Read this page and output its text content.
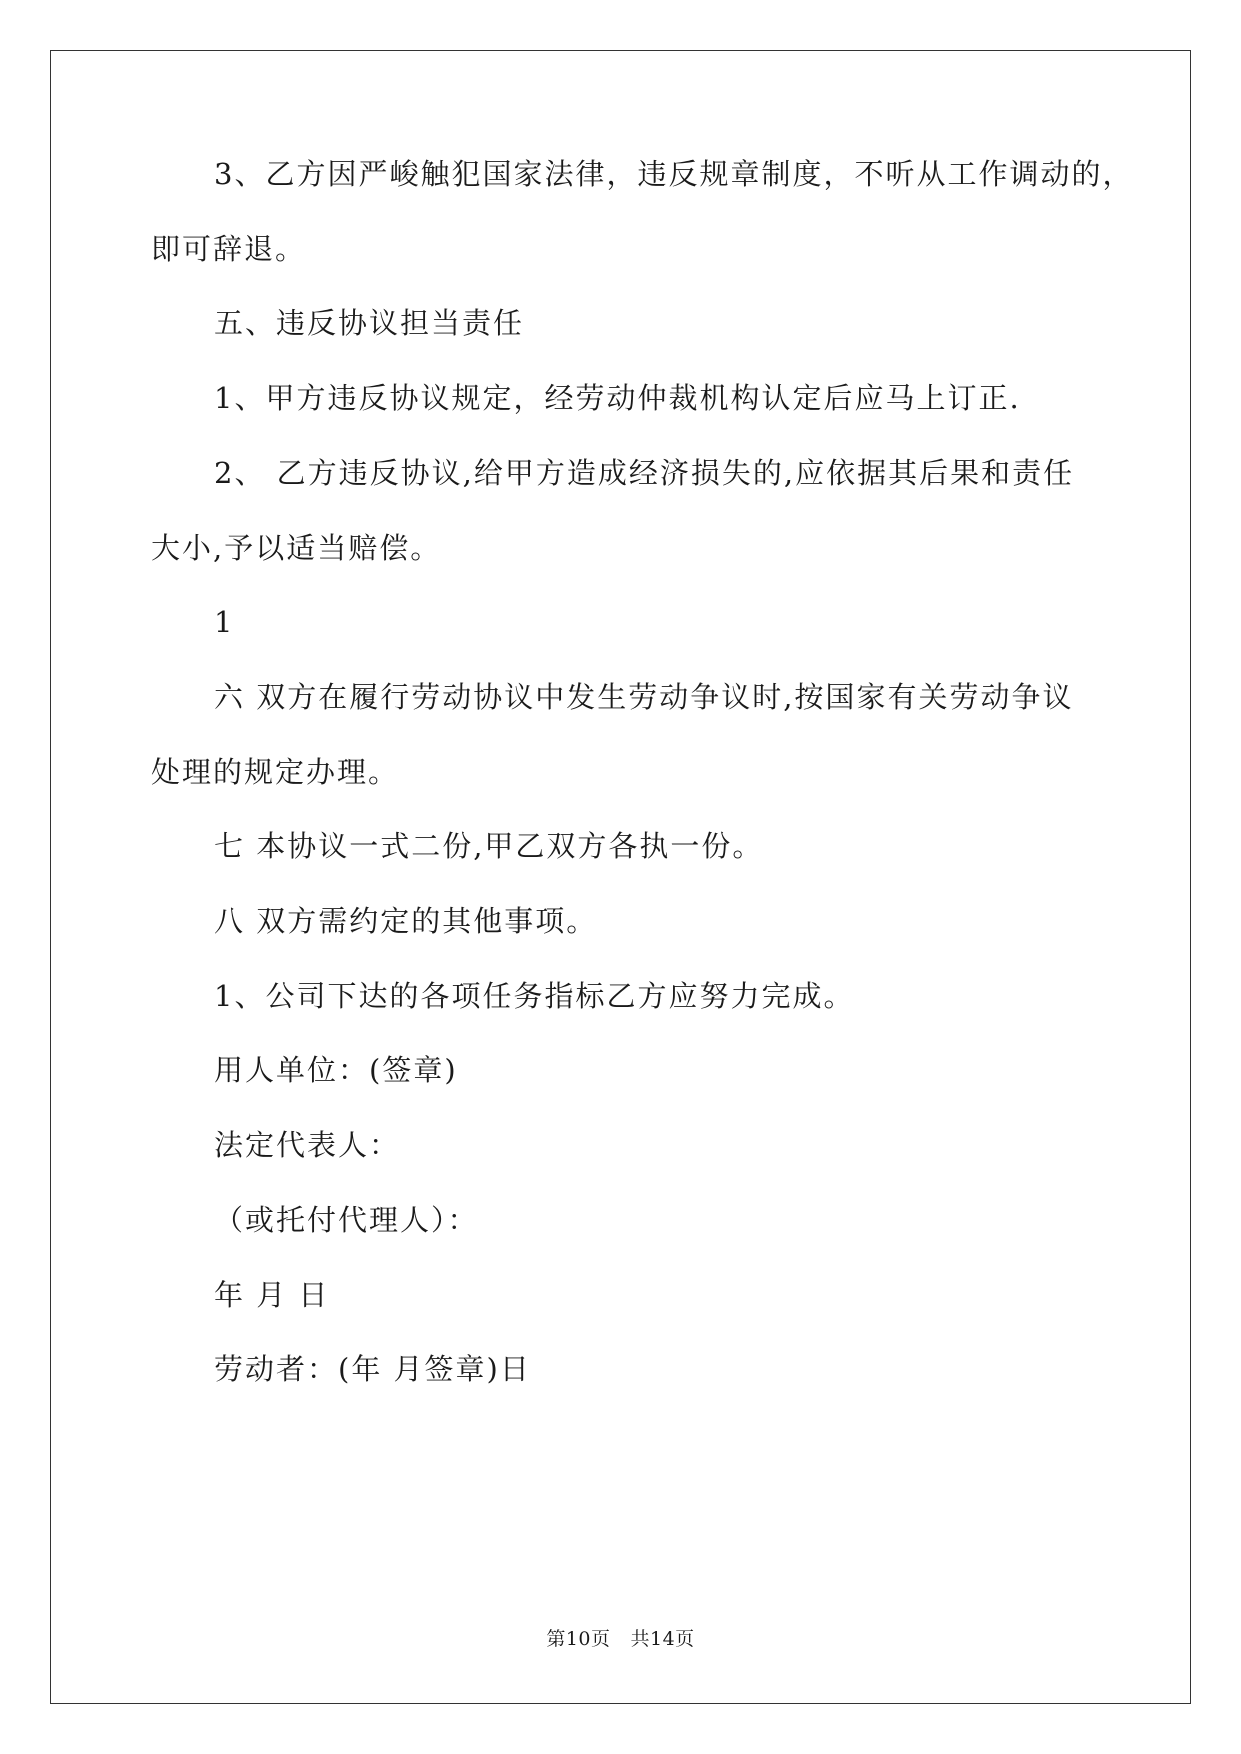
3、乙方因严峻触犯国家法律，违反规章制度，不听从工作调动的，
即可辞退。
五、违反协议担当责任
1、甲方违反协议规定，经劳动仲裁机构认定后应马上订正.
2、 乙方违反协议,给甲方造成经济损失的,应依据其后果和责任
大小,予以适当赔偿。
1
六 双方在履行劳动协议中发生劳动争议时,按国家有关劳动争议
处理的规定办理。
七 本协议一式二份,甲乙双方各执一份。
八 双方需约定的其他事项。
1、公司下达的各项任务指标乙方应努力完成。
用人单位：(签章)
法定代表人：
（或托付代理人）：
年 月 日
劳动者：(年 月签章)日
第10页 共14页
